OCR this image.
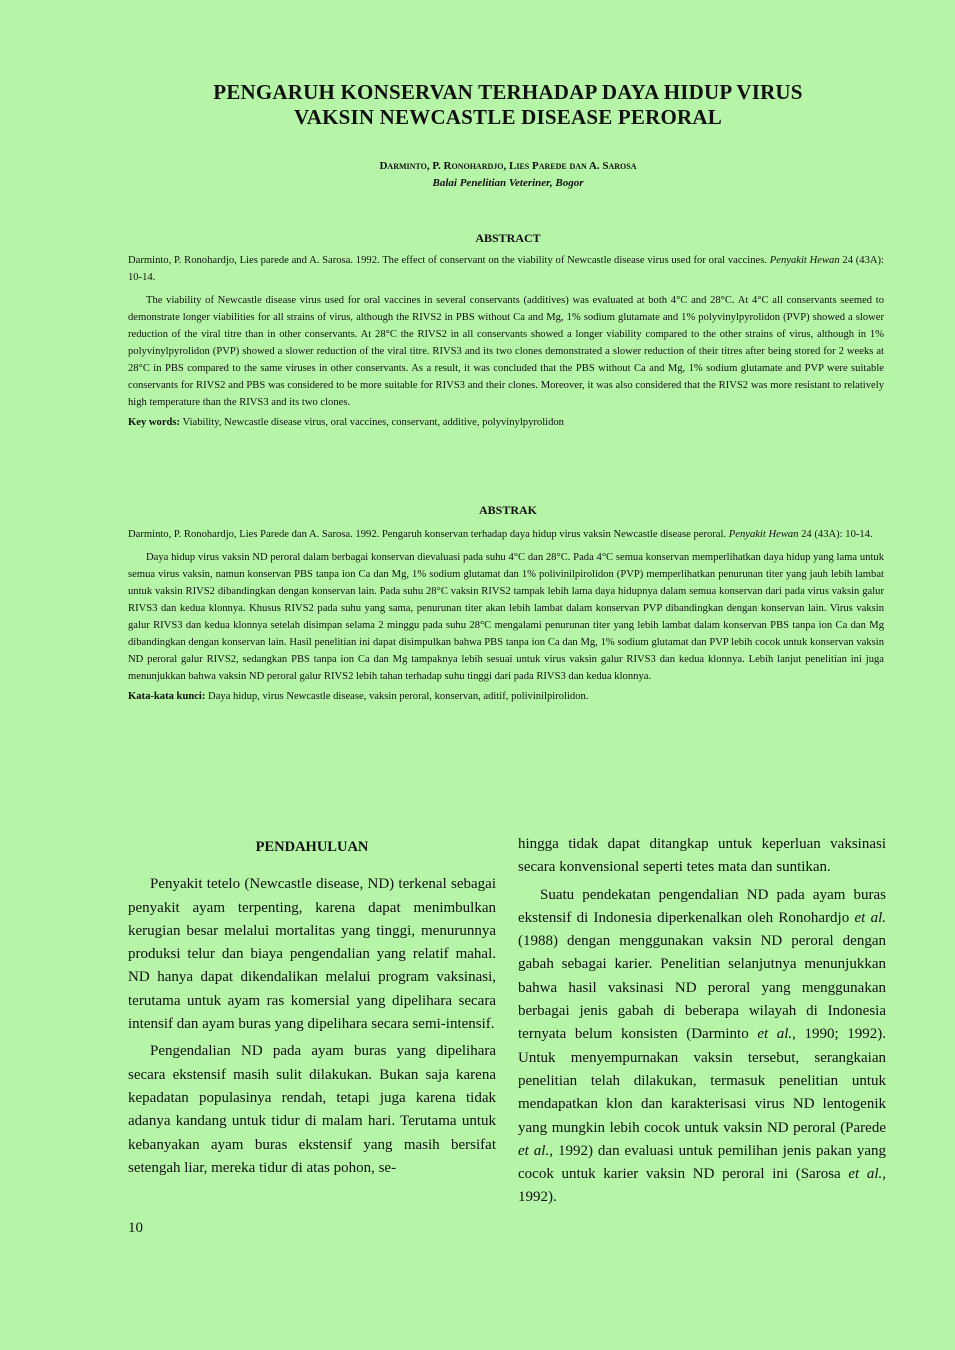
PENGARUH KONSERVAN TERHADAP DAYA HIDUP VIRUS
VAKSIN NEWCASTLE DISEASE PERORAL
Darminto, P. Ronohardjo, Lies Parede dan A. Sarosa
Balai Penelitian Veteriner, Bogor
ABSTRACT

Darminto, P. Ronohardjo, Lies parede and A. Sarosa. 1992. The effect of conservant on the viability of Newcastle disease virus used for oral vaccines. Penyakit Hewan 24 (43A): 10-14.

The viability of Newcastle disease virus used for oral vaccines in several conservants (additives) was evaluated at both 4°C and 28°C. At 4°C all conservants seemed to demonstrate longer viabilities for all strains of virus, although the RIVS2 in PBS without Ca and Mg, 1% sodium glutamate and 1% polyvinylpyrolidon (PVP) showed a slower reduction of the viral titre than in other conservants. At 28°C the RIVS2 in all conservants showed a longer viability compared to the other strains of virus, although in 1% polyvinylpyrolidon (PVP) showed a slower reduction of the viral titre. RIVS3 and its two clones demonstrated a slower reduction of their titres after being stored for 2 weeks at 28°C in PBS compared to the same viruses in other conservants. As a result, it was concluded that the PBS without Ca and Mg, 1% sodium glutamate and PVP were suitable conservants for RIVS2 and PBS was considered to be more suitable for RIVS3 and their clones. Moreover, it was also considered that the RIVS2 was more resistant to relatively high temperature than the RIVS3 and its two clones.

Key words: Viability, Newcastle disease virus, oral vaccines, conservant, additive, polyvinylpyrolidon

ABSTRAK

Darminto, P. Ronohardjo, Lies Parede dan A. Sarosa. 1992. Pengaruh konservan terhadap daya hidup virus vaksin Newcastle disease peroral. Penyakit Hewan 24 (43A): 10-14.

Daya hidup virus vaksin ND peroral dalam berbagai konservan dievaluasi pada suhu 4°C dan 28°C. Pada 4°C semua konservan memperlihatkan daya hidup yang lama untuk semua virus vaksin, namun konservan PBS tanpa ion Ca dan Mg, 1% sodium glutamat dan 1% polivinilpirolidon (PVP) memperlihatkan penurunan titer yang jauh lebih lambat untuk vaksin RIVS2 dibandingkan dengan konservan lain. Pada suhu 28°C vaksin RIVS2 tampak lebih lama daya hidupnya dalam semua konservan dari pada virus vaksin galur RIVS3 dan kedua klonnya. Khusus RIVS2 pada suhu yang sama, penurunan titer akan lebih lambat dalam konservan PVP dibandingkan dengan konservan lain. Virus vaksin galur RIVS3 dan kedua klonnya setelah disimpan selama 2 minggu pada suhu 28°C mengalami penurunan titer yang lebih lambat dalam konservan PBS tanpa ion Ca dan Mg dibandingkan dengan konservan lain. Hasil penelitian ini dapat disimpulkan bahwa PBS tanpa ion Ca dan Mg, 1% sodium glutamat dan PVP lebih cocok untuk konservan vaksin ND peroral galur RIVS2, sedangkan PBS tanpa ion Ca dan Mg tampaknya lebih sesuai untuk virus vaksin galur RIVS3 dan kedua klonnya. Lebih lanjut penelitian ini juga menunjukkan bahwa vaksin ND peroral galur RIVS2 lebih tahan terhadap suhu tinggi dari pada RIVS3 dan kedua klonnya.

Kata-kata kunci: Daya hidup, virus Newcastle disease, vaksin peroral, konservan, aditif, polivinilpirolidon.

PENDAHULUAN

Penyakit tetelo (Newcastle disease, ND) terkenal sebagai penyakit ayam terpenting, karena dapat menimbulkan kerugian besar melalui mortalitas yang tinggi, menurunnya produksi telur dan biaya pengendalian yang relatif mahal. ND hanya dapat dikendalikan melalui program vaksinasi, terutama untuk ayam ras komersial yang dipelihara secara intensif dan ayam buras yang dipelihara secara semi-intensif.

Pengendalian ND pada ayam buras yang dipelihara secara ekstensif masih sulit dilakukan. Bukan saja karena kepadatan populasinya rendah, tetapi juga karena tidak adanya kandang untuk tidur di malam hari. Terutama untuk kebanyakan ayam buras ekstensif yang masih bersifat setengah liar, mereka tidur di atas pohon, se-

hingga tidak dapat ditangkap untuk keperluan vaksinasi secara konvensional seperti tetes mata dan suntikan.

Suatu pendekatan pengendalian ND pada ayam buras ekstensif di Indonesia diperkenalkan oleh Ronohardjo et al. (1988) dengan menggunakan vaksin ND peroral dengan gabah sebagai karier. Penelitian selanjutnya menunjukkan bahwa hasil vaksinasi ND peroral yang menggunakan berbagai jenis gabah di beberapa wilayah di Indonesia ternyata belum konsisten (Darminto et al., 1990; 1992). Untuk menyempurnakan vaksin tersebut, serangkaian penelitian telah dilakukan, termasuk penelitian untuk mendapatkan klon dan karakterisasi virus ND lentogenik yang mungkin lebih cocok untuk vaksin ND peroral (Parede et al., 1992) dan evaluasi untuk pemilihan jenis pakan yang cocok untuk karier vaksin ND peroral ini (Sarosa et al., 1992).

10
